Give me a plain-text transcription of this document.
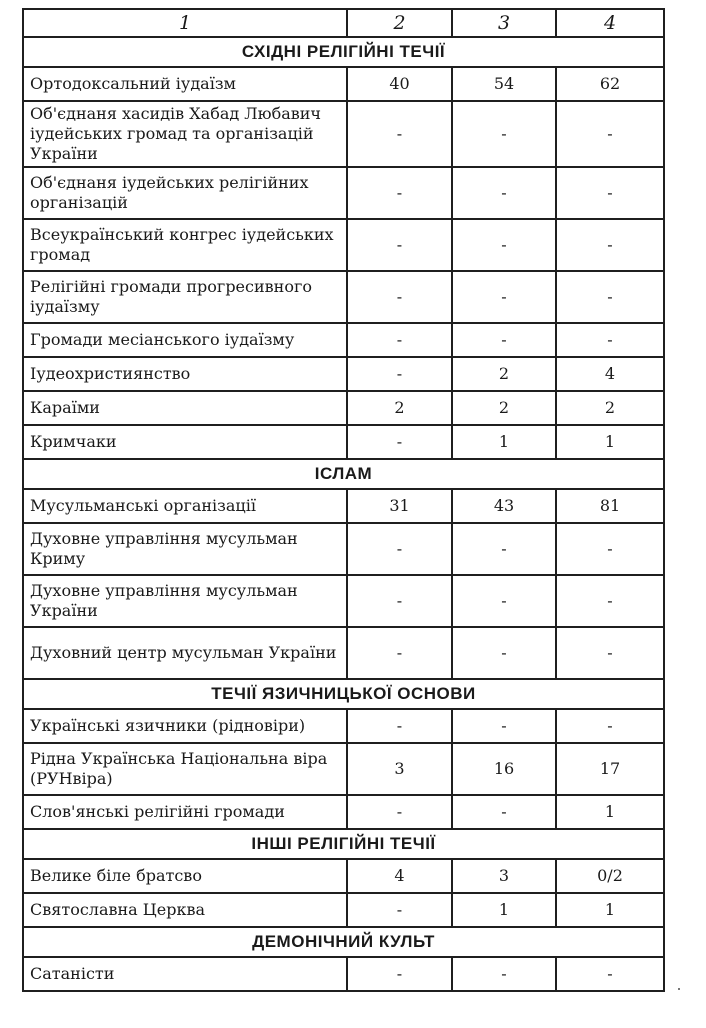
1	2	3	4
СХІДНІ РЕЛІГІЙНІ ТЕЧІЇ			
Ортодоксальний іудаїзм	40	54	62
Об'єднаня хасидів Хабад Любавич іудейських громад та організацій України	-	-	-
Об'єднаня іудейських релігійних організацій	-	-	-
Всеукраїнський конгрес іудейських громад	-	-	-
Релігійні громади прогресивного іудаїзму	-	-	-
Громади месіанського іудаїзму	-	-	-
Іудеохристиянство	-	2	4
Караїми	2	2	2
Кримчаки	-	1	1
ІСЛАМ			
Мусульманські організації	31	43	81
Духовне управління мусульман Криму	-	-	-
Духовне управління мусульман України	-	-	-
Духовний центр мусульман України	-	-	-
ТЕЧІЇ ЯЗИЧНИЦЬКОЇ ОСНОВИ			
Українські язичники (рідновіри)	-	-	-
Рідна Українська Національна віра (РУНвіра)	3	16	17
Слов'янські релігійні громади	-	-	1
ІНШІ РЕЛІГІЙНІ ТЕЧІЇ			
Велике біле братсво	4	3	0/2
Святославна Церква	-	1	1
ДЕМОНІЧНИЙ КУЛЬТ			
Сатаністи	-	-	-
